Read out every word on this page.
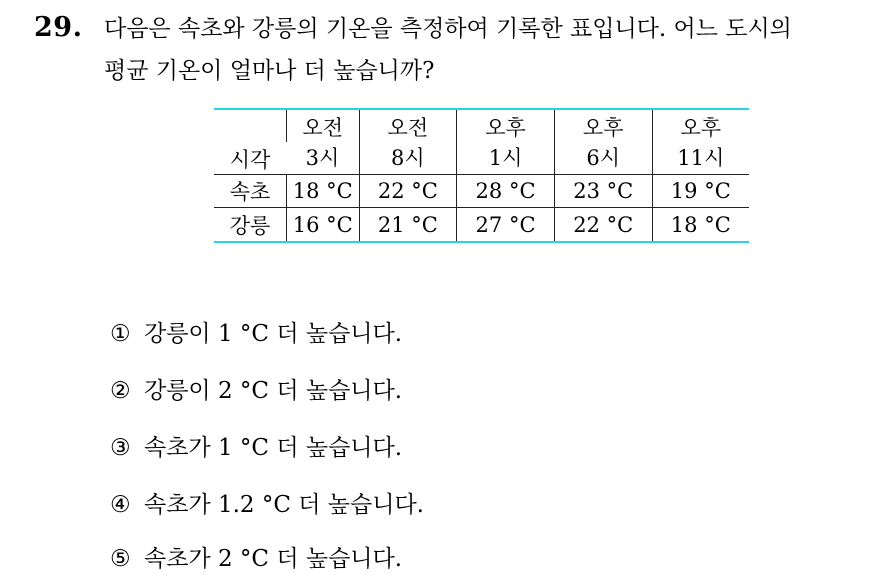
29. 다음은 속초와 강릉의 기온을 측정하여 기록한 표입니다. 어느 도시의
평균 기온이 얼마나 더 높습니까?
시각	오전	오전	오후	오후	오후
	3시	8시	1시	6시	11시
속초	18 °C	22 °C	28 °C	23 °C	19 °C
강릉	16 °C	21 °C	27 °C	22 °C	18 °C
① 강릉이 1 °C 더 높습니다.
② 강릉이 2 °C 더 높습니다.
③ 속초가 1 °C 더 높습니다.
④ 속초가 1.2 °C 더 높습니다.
⑤ 속초가 2 °C 더 높습니다.
